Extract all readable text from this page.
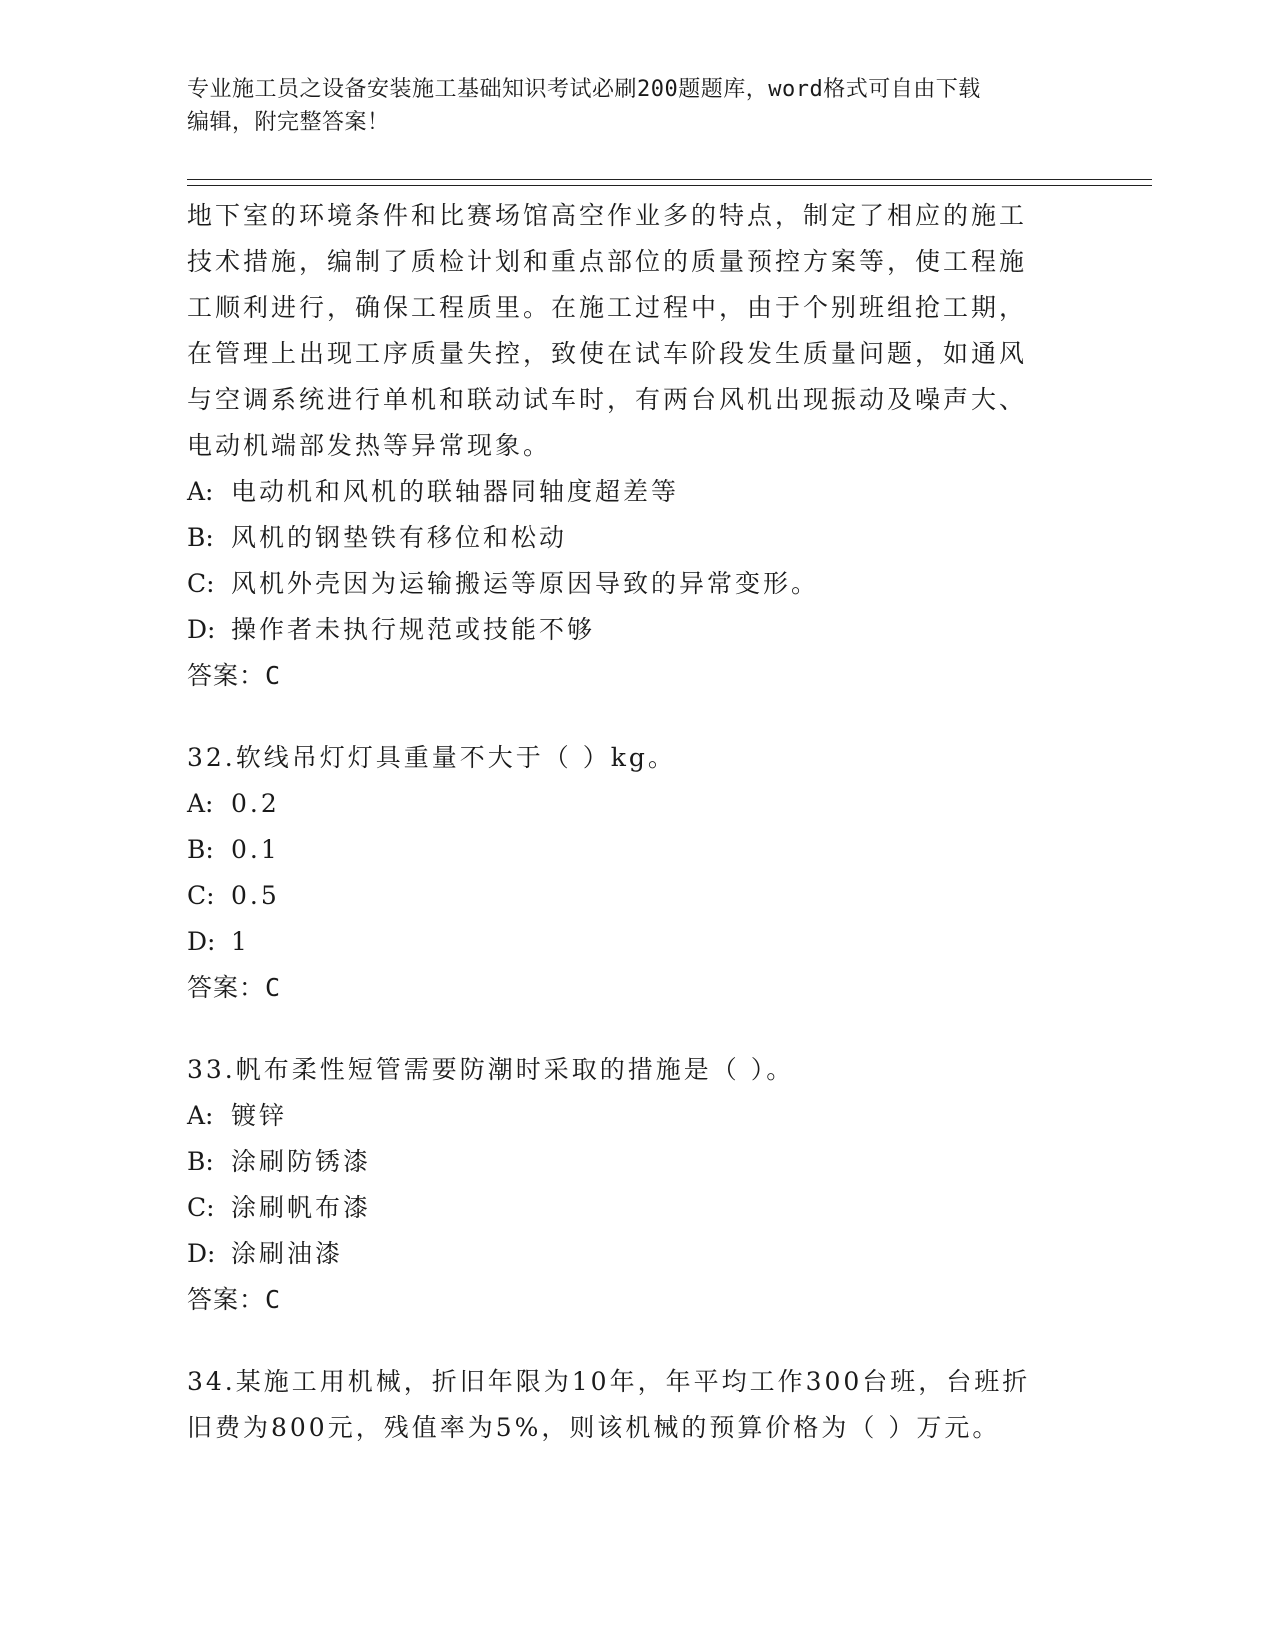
专业施工员之设备安装施工基础知识考试必刷200题题库，word格式可自由下载
编辑，附完整答案！
地下室的环境条件和比赛场馆高空作业多的特点，制定了相应的施工
技术措施，编制了质检计划和重点部位的质量预控方案等，使工程施
工顺利进行，确保工程质里。在施工过程中，由于个别班组抢工期，
在管理上出现工序质量失控，致使在试车阶段发生质量问题，如通风
与空调系统进行单机和联动试车时，有两台风机出现振动及噪声大、
电动机端部发热等异常现象。
A: 电动机和风机的联轴器同轴度超差等
B: 风机的钢垫铁有移位和松动
C: 风机外壳因为运输搬运等原因导致的异常变形。
D: 操作者未执行规范或技能不够
答案：C
32.软线吊灯灯具重量不大于（ ）kg。
A: 0.2
B: 0.1
C: 0.5
D: 1
答案：C
33.帆布柔性短管需要防潮时采取的措施是（ ）。
A: 镀锌
B: 涂刷防锈漆
C: 涂刷帆布漆
D: 涂刷油漆
答案：C
34.某施工用机械，折旧年限为10年，年平均工作300台班，台班折
旧费为800元，残值率为5%，则该机械的预算价格为（ ）万元。
